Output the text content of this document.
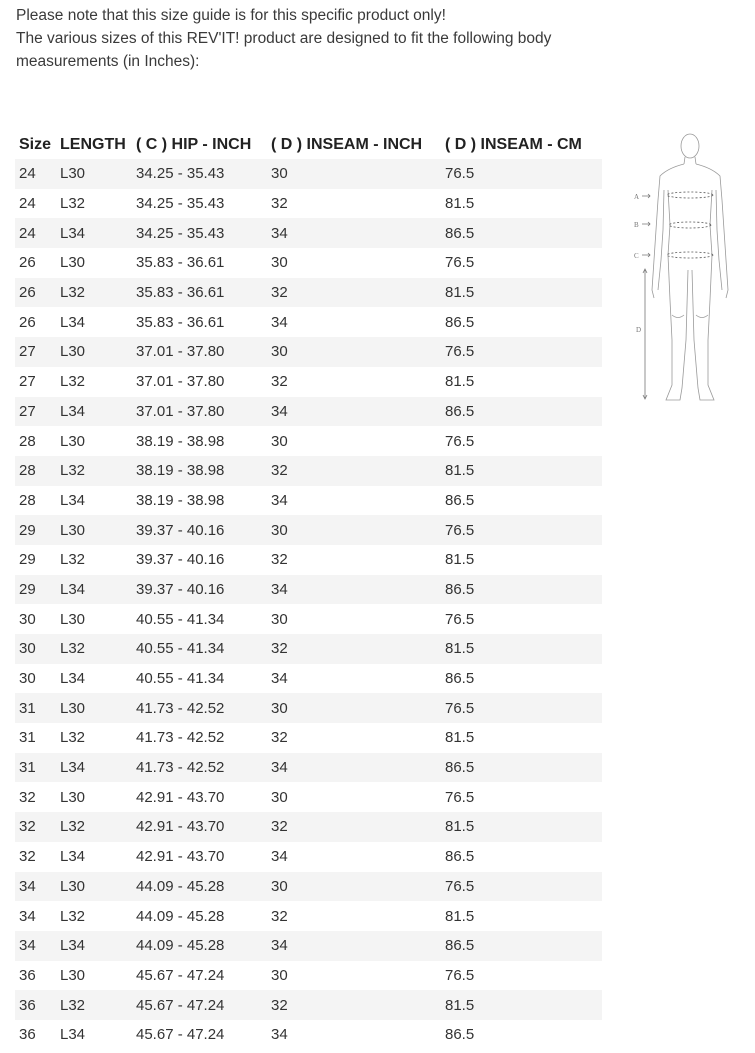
Please note that this size guide is for this specific product only!

The various sizes of this REV'IT! product are designed to fit the following body measurements (in Inches):

Size	LENGTH	( C ) HIP - INCH	( D ) INSEAM - INCH	( D ) INSEAM - CM
24	L30	34.25 - 35.43	30	76.5
24	L32	34.25 - 35.43	32	81.5
24	L34	34.25 - 35.43	34	86.5
26	L30	35.83 - 36.61	30	76.5
26	L32	35.83 - 36.61	32	81.5
26	L34	35.83 - 36.61	34	86.5
27	L30	37.01 - 37.80	30	76.5
27	L32	37.01 - 37.80	32	81.5
27	L34	37.01 - 37.80	34	86.5
28	L30	38.19 - 38.98	30	76.5
28	L32	38.19 - 38.98	32	81.5
28	L34	38.19 - 38.98	34	86.5
29	L30	39.37 - 40.16	30	76.5
29	L32	39.37 - 40.16	32	81.5
29	L34	39.37 - 40.16	34	86.5
30	L30	40.55 - 41.34	30	76.5
30	L32	40.55 - 41.34	32	81.5
30	L34	40.55 - 41.34	34	86.5
31	L30	41.73 - 42.52	30	76.5
31	L32	41.73 - 42.52	32	81.5
31	L34	41.73 - 42.52	34	86.5
32	L30	42.91 - 43.70	30	76.5
32	L32	42.91 - 43.70	32	81.5
32	L34	42.91 - 43.70	34	86.5
34	L30	44.09 - 45.28	30	76.5
34	L32	44.09 - 45.28	32	81.5
34	L34	44.09 - 45.28	34	86.5
36	L30	45.67 - 47.24	30	76.5
36	L32	45.67 - 47.24	32	81.5
36	L34	45.67 - 47.24	34	86.5
A
B
C
D
